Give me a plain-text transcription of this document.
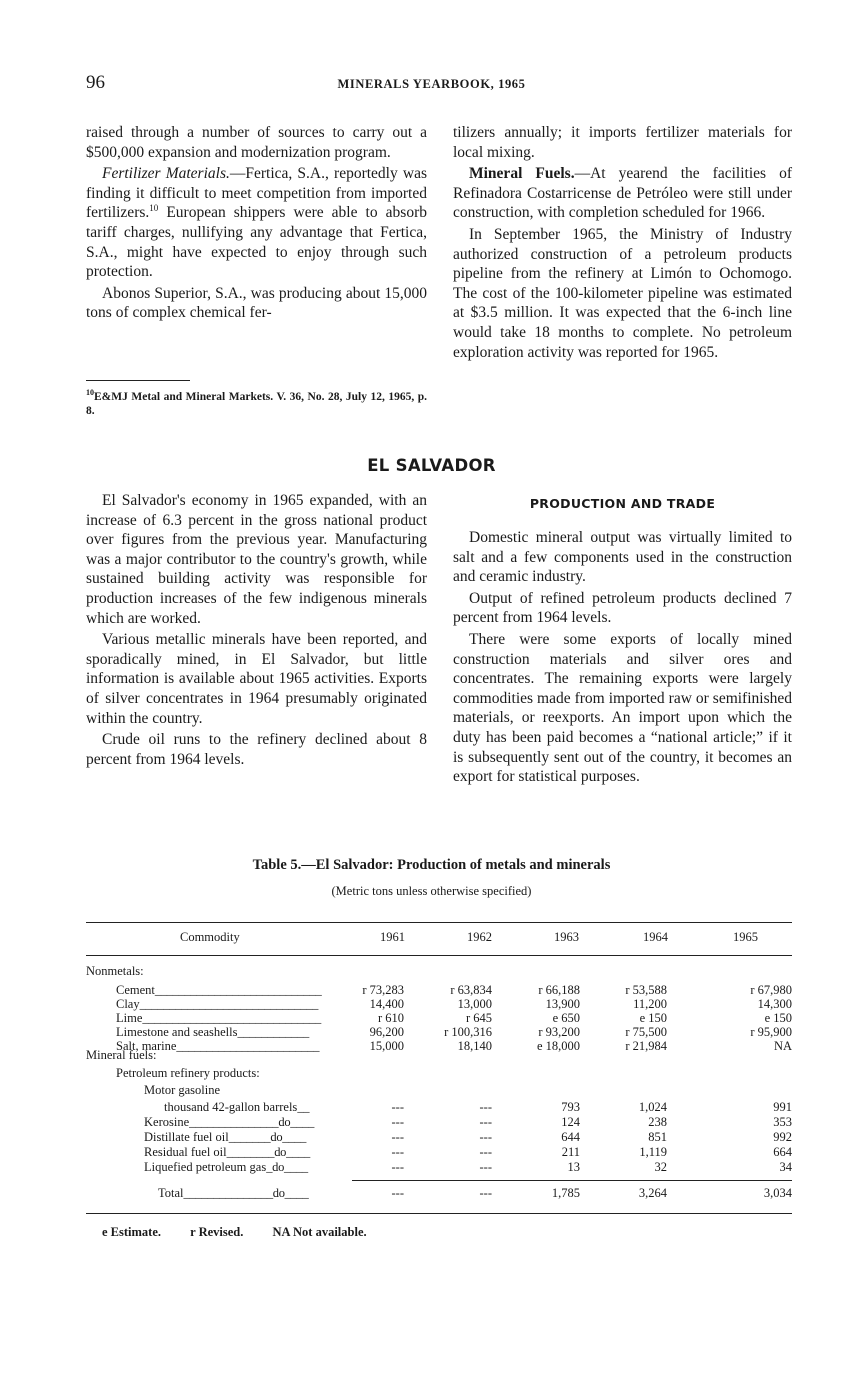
96	MINERALS YEARBOOK, 1965

raised through a number of sources to carry out a $500,000 expansion and modernization program.

Fertilizer Materials.—Fertica, S.A., reportedly was finding it difficult to meet competition from imported fertilizers.$^{10}$ European shippers were able to absorb tariff charges, nullifying any advantage that Fertica, S.A., might have expected to enjoy through such protection.

Abonos Superior, S.A., was producing about 15,000 tons of complex chemical fer-

$^{10}$E&MJ Metal and Mineral Markets. V. 36, No. 28, July 12, 1965, p. 8.

tilizers annually; it imports fertilizer materials for local mixing.

Mineral Fuels.—At yearend the facilities of Refinadora Costarricense de Petróleo were still under construction, with completion scheduled for 1966.

In September 1965, the Ministry of Industry authorized construction of a petroleum products pipeline from the refinery at Limón to Ochomogo. The cost of the 100-kilometer pipeline was estimated at $3.5 million. It was expected that the 6-inch line would take 18 months to complete. No petroleum exploration activity was reported for 1965.

EL SALVADOR

El Salvador's economy in 1965 expanded, with an increase of 6.3 percent in the gross national product over figures from the previous year. Manufacturing was a major contributor to the country's growth, while sustained building activity was responsible for production increases of the few indigenous minerals which are worked.

Various metallic minerals have been reported, and sporadically mined, in El Salvador, but little information is available about 1965 activities. Exports of silver concentrates in 1964 presumably originated within the country.

Crude oil runs to the refinery declined about 8 percent from 1964 levels.

PRODUCTION AND TRADE

Domestic mineral output was virtually limited to salt and a few components used in the construction and ceramic industry.

Output of refined petroleum products declined 7 percent from 1964 levels.

There were some exports of locally mined construction materials and silver ores and concentrates. The remaining exports were largely commodities made from imported raw or semifinished materials, or reexports. An import upon which the duty has been paid becomes a “national article;” if it is subsequently sent out of the country, it becomes an export for statistical purposes.

Table 5.—El Salvador: Production of metals and minerals
(Metric tons unless otherwise specified)
Commodity	1961	1962	1963	1964	1965
Nonmetals:
Mineral fuels:
Petroleum refinery products:
Motor gasoline
Cement____________________________	r 73,283	r 63,834	r 66,188	r 53,588	r 67,980
Clay______________________________	14,400	13,000	13,900	11,200	14,300
Lime______________________________	r 610	r 645	e 650	e 150	e 150
Limestone and seashells____________	96,200	r 100,316	r 93,200	r 75,500	r 95,900
Salt, marine________________________	15,000	18,140	e 18,000	r 21,984	NA
thousand 42-gallon barrels__	---	---	793	1,024	991
Kerosine_______________do____	---	---	124	238	353
Distillate fuel oil_______do____	---	---	644	851	992
Residual fuel oil________do____	---	---	211	1,119	664
Liquefied petroleum gas_do____	---	---	13	32	34
Total_______________do____	---	---	1,785	3,264	3,034
e Estimate. r Revised. NA Not available.
